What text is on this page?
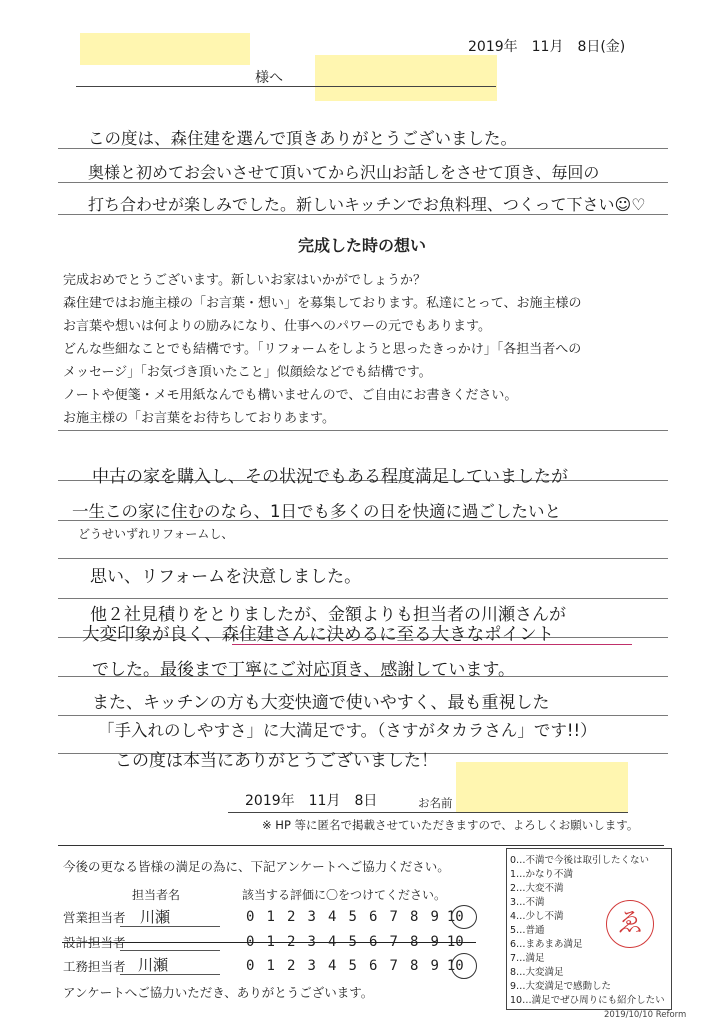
2019年　11月　8日(金)
様へ
この度は、森住建を選んで頂きありがとうございました。
奥様と初めてお会いさせて頂いてから沢山お話しをさせて頂き、毎回の
打ち合わせが楽しみでした。新しいキッチンでお魚料理、つくって下さい☺♡
完成した時の想い
完成おめでとうございます。新しいお家はいかがでしょうか？
森住建ではお施主様の「お言葉・想い」を募集しております。私達にとって、お施主様の
お言葉や想いは何よりの励みになり、仕事へのパワーの元でもあります。
どんな些細なことでも結構です。「リフォームをしようと思ったきっかけ」「各担当者への
メッセージ」「お気づき頂いたこと」似顔絵などでも結構です。
ノートや便箋・メモ用紙なんでも構いませんので、ご自由にお書きください。
お施主様の「お言葉をお待ちしておりあます。
中古の家を購入し、その状況でもある程度満足していましたが
一生この家に住むのなら、1日でも多くの日を快適に過ごしたいと
どうせいずれリフォームし、
思い、リフォームを決意しました。
他２社見積りをとりましたが、金額よりも担当者の川瀬さんが
大変印象が良く、森住建さんに決めるに至る大きなポイント
でした。最後まで丁寧にご対応頂き、感謝しています。
また、キッチンの方も大変快適で使いやすく、最も重視した
「手入れのしやすさ」に大満足です。（さすがタカラさん」です!!）
この度は本当にありがとうございました！
2019年　11月　8日	お名前
※ HP 等に匿名で掲載させていただきますので、よろしくお願いします。
今後の更なる皆様の満足の為に、下記アンケートへご協力ください。
担当者名	該当する評価に〇をつけてください。
営業担当者 川瀬	0 1 2 3 4 5 6 7 8 9 10
設計担当者	0 1 2 3 4 5 6 7 8 9 10
工務担当者 川瀬	0 1 2 3 4 5 6 7 8 9 10
アンケートへご協力いただき、ありがとうございます。
0…不満で今後は取引したくない
1…かなり不満
2…大変不満
3…不満
4…少し不満
5…普通
6…まあまあ満足
7…満足
8…大変満足
9…大変満足で感動した
10…満足でぜひ周りにも紹介したい
ゑ
2019/10/10 Reform
